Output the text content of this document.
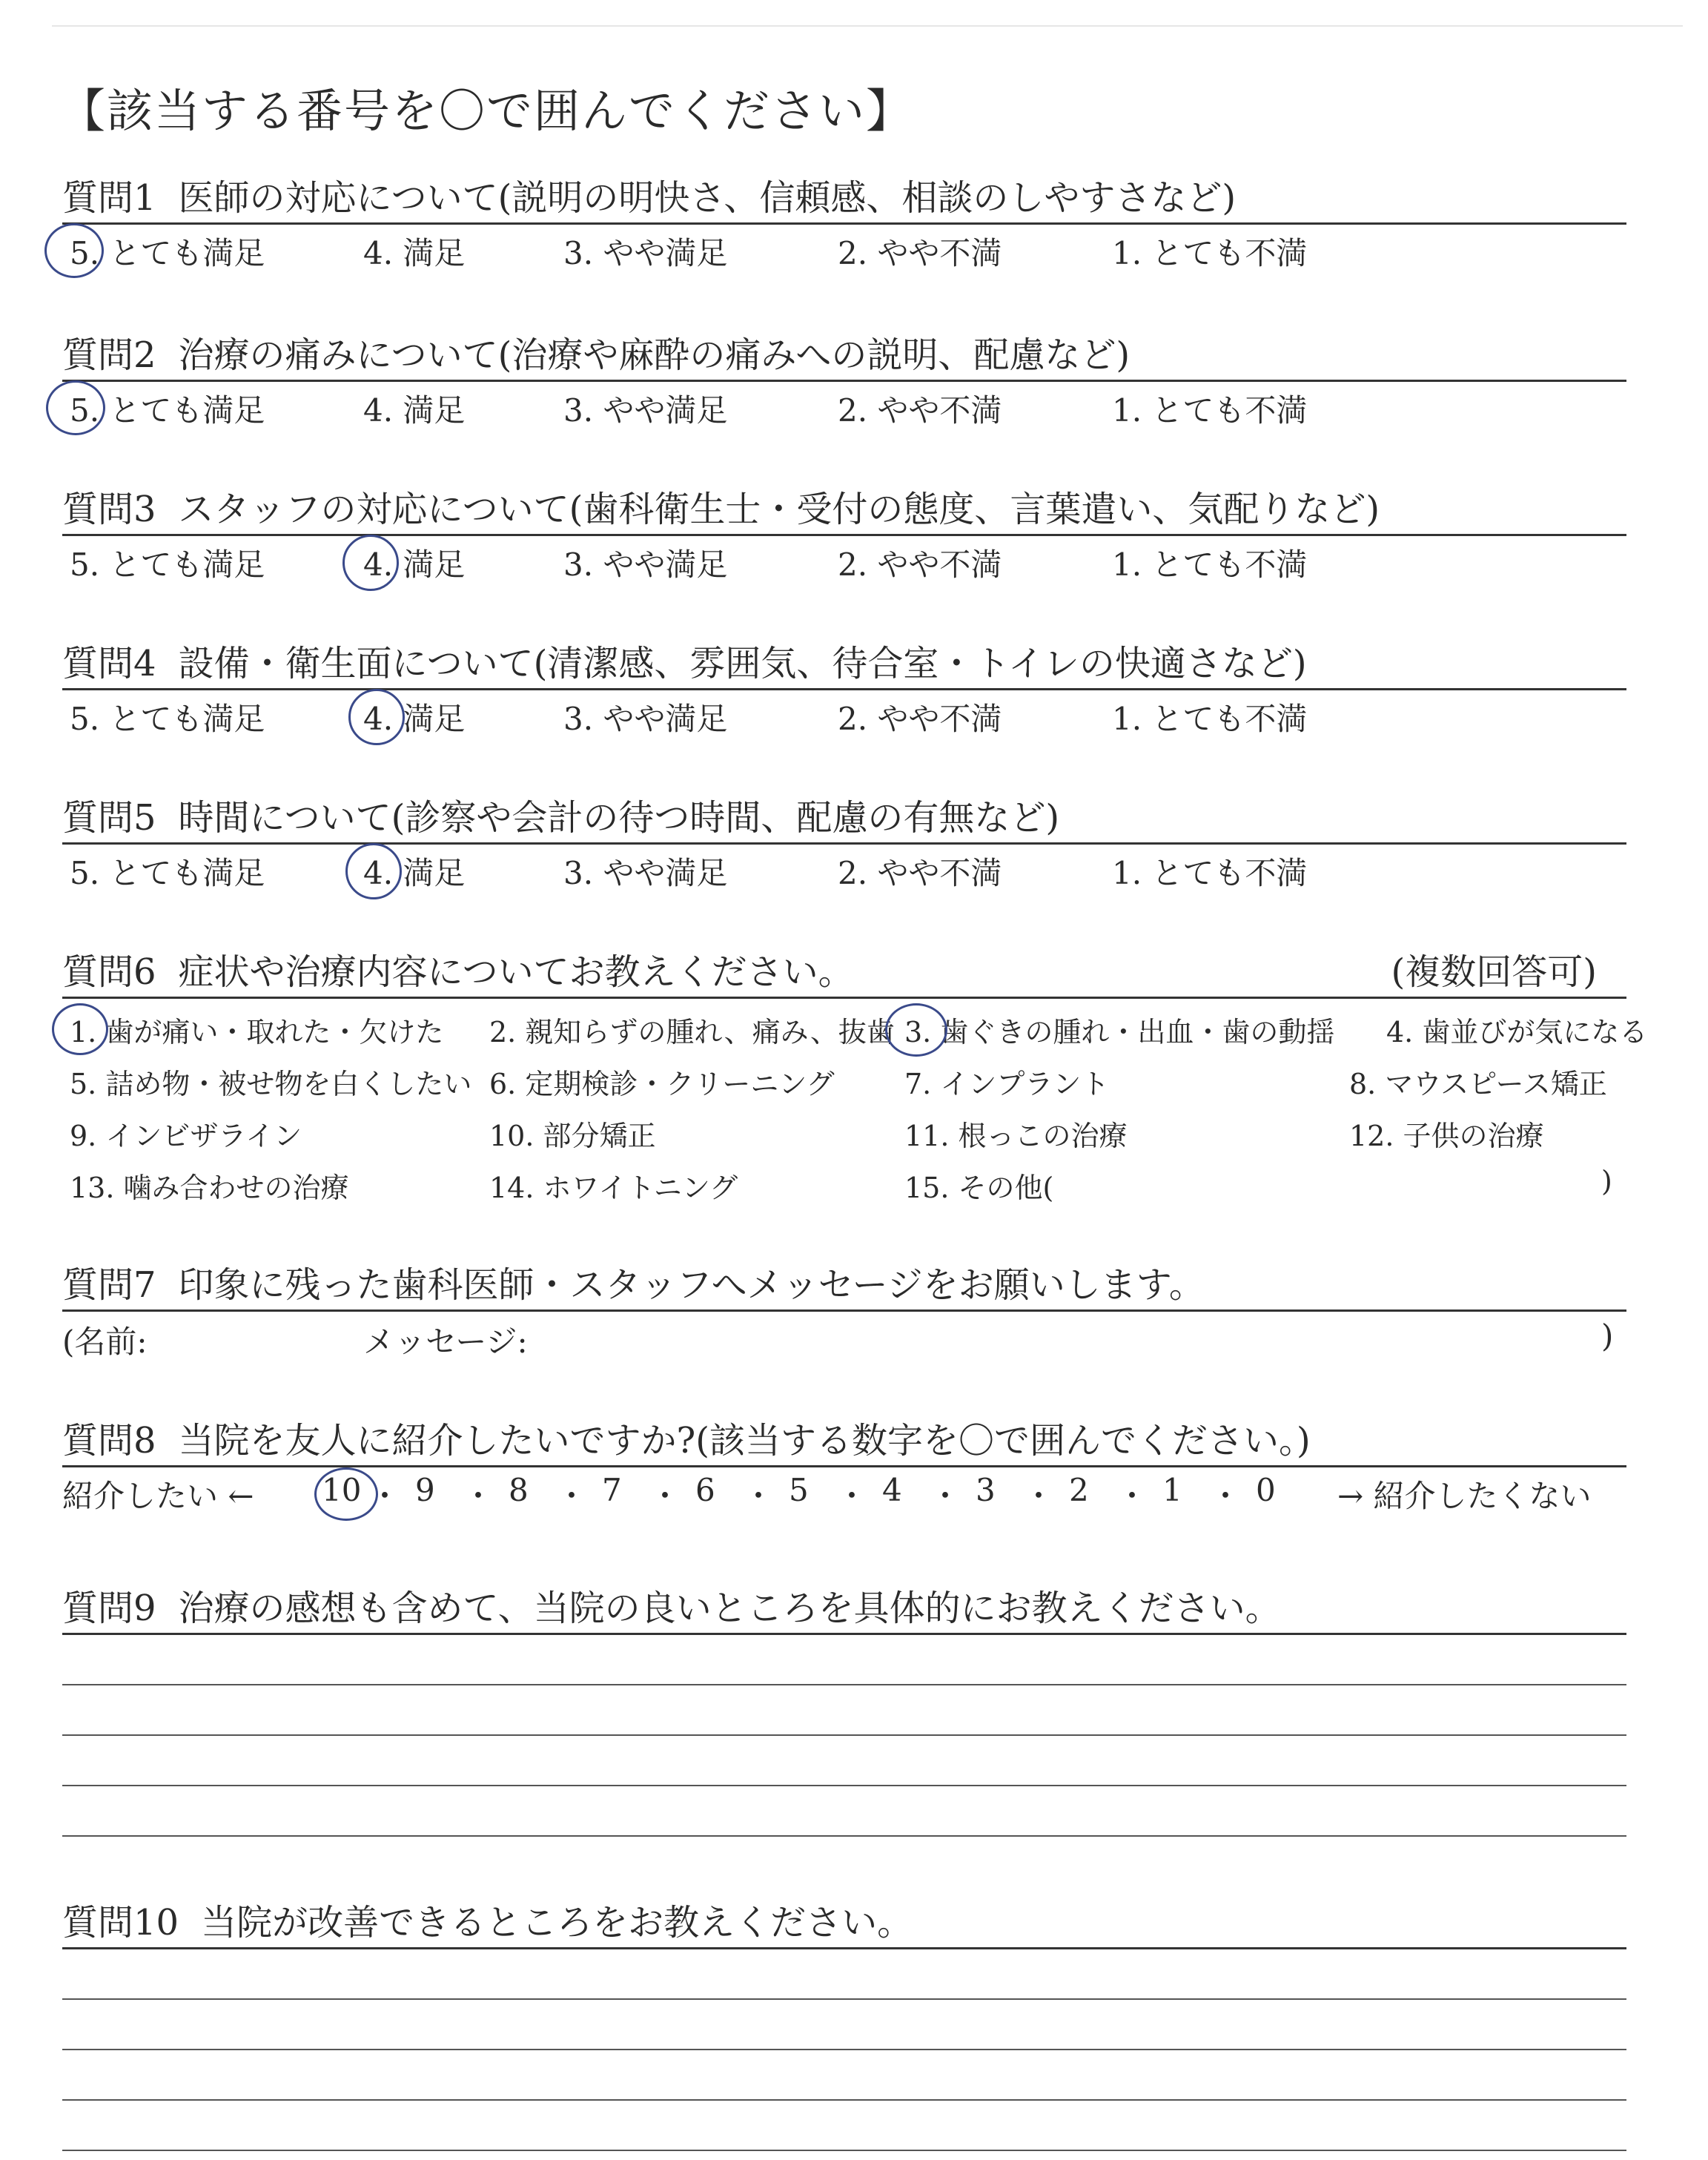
【該当する番号を〇で囲んでください】
質問1 医師の対応について(説明の明快さ、信頼感、相談のしやすさなど)
5. とても満足	4. 満足	3. やや満足	2. やや不満	1. とても不満
質問2 治療の痛みについて(治療や麻酔の痛みへの説明、配慮など)
5. とても満足	4. 満足	3. やや満足	2. やや不満	1. とても不満
質問3 スタッフの対応について(歯科衛生士・受付の態度、言葉遣い、気配りなど)
5. とても満足	4. 満足	3. やや満足	2. やや不満	1. とても不満
質問4 設備・衛生面について(清潔感、雰囲気、待合室・トイレの快適さなど)
5. とても満足	4. 満足	3. やや満足	2. やや不満	1. とても不満
質問5 時間について(診察や会計の待つ時間、配慮の有無など)
5. とても満足	4. 満足	3. やや満足	2. やや不満	1. とても不満
質問6 症状や治療内容についてお教えください。	(複数回答可)
1. 歯が痛い・取れた・欠けた 2. 親知らずの腫れ、痛み、抜歯 3. 歯ぐきの腫れ・出血・歯の動揺 4. 歯並びが気になる
5. 詰め物・被せ物を白くしたい 6. 定期検診・クリーニング 7. インプラント	8. マウスピース矯正
9. インビザライン	10. 部分矯正	11. 根っこの治療	12. 子供の治療
13. 噛み合わせの治療	14. ホワイトニング	15. その他(	)
質問7 印象に残った歯科医師・スタッフへメッセージをお願いします。
(名前:	メッセージ:	)
質問8 当院を友人に紹介したいですか?(該当する数字を〇で囲んでください。)
紹介したい ←	→ 紹介したくない
10 ・ 9 ・ 8 ・ 7 ・ 6 ・ 5 ・ 4 ・ 3 ・ 2 ・ 1 ・ 0
質問9 治療の感想も含めて、当院の良いところを具体的にお教えください。
質問10 当院が改善できるところをお教えください。
